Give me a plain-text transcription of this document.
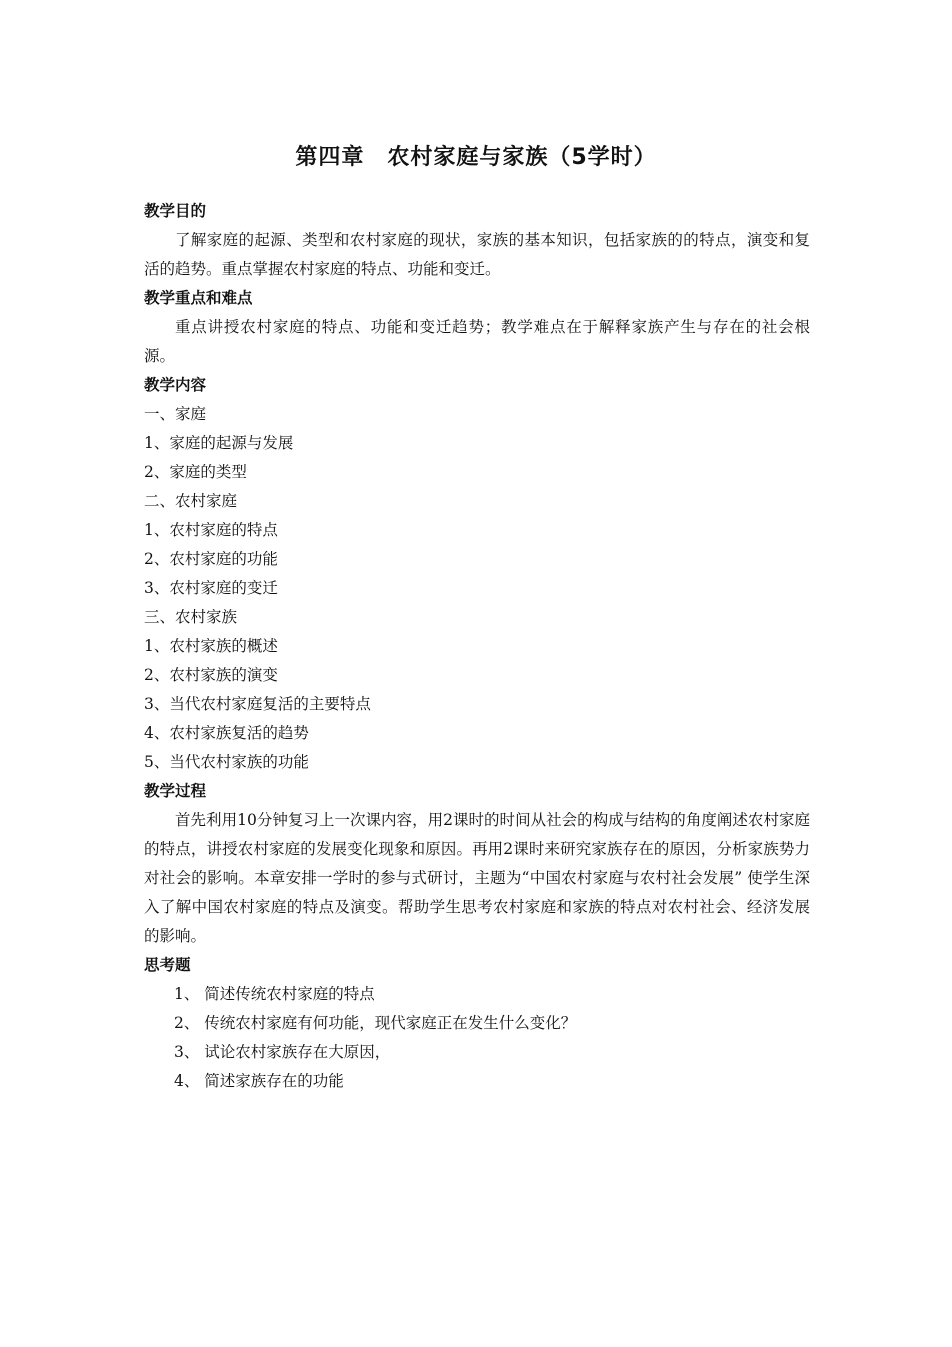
第四章　农村家庭与家族（5学时）
教学目的
了解家庭的起源、类型和农村家庭的现状，家族的基本知识，包括家族的的特点，演变和复活的趋势。重点掌握农村家庭的特点、功能和变迁。
教学重点和难点
重点讲授农村家庭的特点、功能和变迁趋势；教学难点在于解释家族产生与存在的社会根源。
教学内容
一、家庭
1、家庭的起源与发展
2、家庭的类型
二、农村家庭
1、农村家庭的特点
2、农村家庭的功能
3、农村家庭的变迁
三、农村家族
1、农村家族的概述
2、农村家族的演变
3、当代农村家庭复活的主要特点
4、农村家族复活的趋势
5、当代农村家族的功能
教学过程
首先利用10分钟复习上一次课内容，用2课时的时间从社会的构成与结构的角度阐述农村家庭的特点，讲授农村家庭的发展变化现象和原因。再用2课时来研究家族存在的原因，分析家族势力对社会的影响。本章安排一学时的参与式研讨，主题为“中国农村家庭与农村社会发展” 使学生深入了解中国农村家庭的特点及演变。帮助学生思考农村家庭和家族的特点对农村社会、经济发展的影响。
思考题
1、 简述传统农村家庭的特点
2、 传统农村家庭有何功能，现代家庭正在发生什么变化？
3、 试论农村家族存在大原因，
4、 简述家族存在的功能
